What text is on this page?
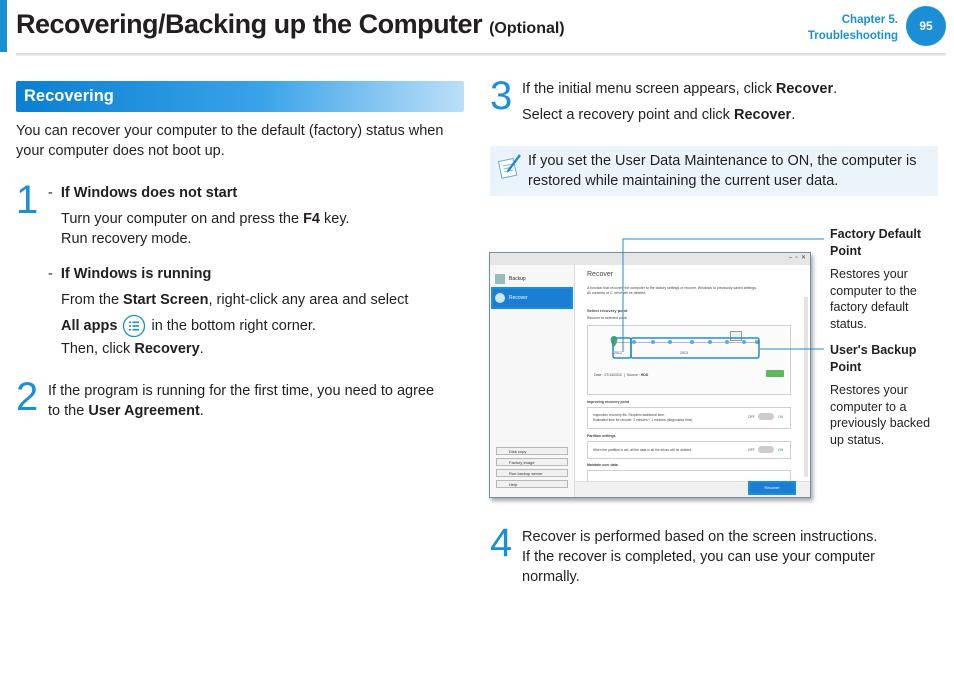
Recovering/Backing up the Computer (Optional)	Chapter 5.
Troubleshooting
95
Recovering
You can recover your computer to the default (factory) status when your computer does not boot up.
1 -  If Windows does not start
Turn your computer on and press the F4 key.
Run recovery mode.
-  If Windows is running
From the Start Screen, right-click any area and select
All apps  in the bottom right corner.
Then, click Recovery.
2 If the program is running for the first time, you need to agree
to the User Agreement.
3 If the initial menu screen appears, click Recover.
Select a recovery point and click Recover.
If you set the User Data Maintenance to ON, the computer is
restored while maintaining the current user data.
Factory Default
Point
Restores your
computer to the
factory default
status.
User's Backup
Point
Restores your
computer to a
previously backed
up status.
–  ▫  ✕
Backup
Recover
Disk copy
Factory Image
Run backup server
Help
Recover
A function that recovers the computer to the factory settings or recover. Windows to previously saved settings.
All contents of C: drive will be deleted.
Select recovery point
Recover to selected point.
2012	2013
Date : 07/14/2012  |  Source : HDD
Improving recovery point
Inspection recovery file. Requires additional time.
Estimated time for recover: 2 minutes + 1 minutes (diagnostics time)
OFF	ON
Partition settings
When the partition is set, all the data in all the drives will be deleted.	OFF	ON
Maintain user data
Recover
4 Recover is performed based on the screen instructions.
If the recover is completed, you can use your computer
normally.
